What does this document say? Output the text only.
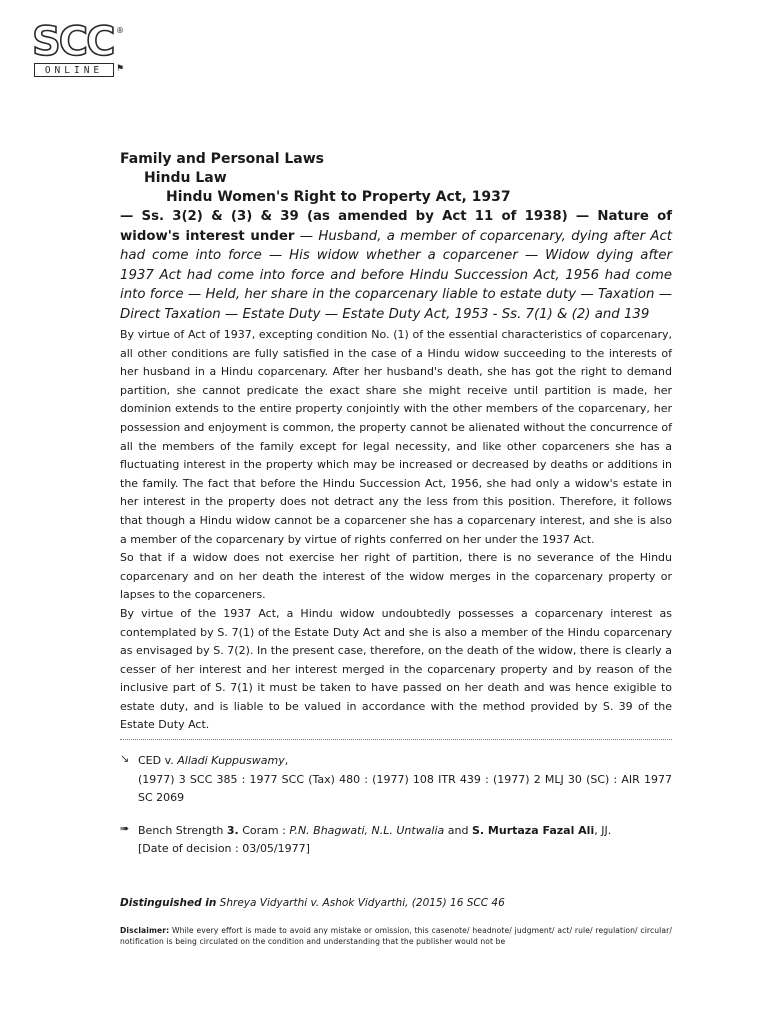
SCC ®
ONLINE	⚑

Family and Personal Laws

Hindu Law

Hindu Women's Right to Property Act, 1937

— Ss. 3(2) & (3) & 39 (as amended by Act 11 of 1938) — Nature of widow's interest under — Husband, a member of coparcenary, dying after Act had come into force — His widow whether a coparcener — Widow dying after 1937 Act had come into force and before Hindu Succession Act, 1956 had come into force — Held, her share in the coparcenary liable to estate duty — Taxation — Direct Taxation — Estate Duty — Estate Duty Act, 1953 - Ss. 7(1) & (2) and 139

By virtue of Act of 1937, excepting condition No. (1) of the essential characteristics of coparcenary, all other conditions are fully satisfied in the case of a Hindu widow succeeding to the interests of her husband in a Hindu coparcenary. After her husband's death, she has got the right to demand partition, she cannot predicate the exact share she might receive until partition is made, her dominion extends to the entire property conjointly with the other members of the coparcenary, her possession and enjoyment is common, the property cannot be alienated without the concurrence of all the members of the family except for legal necessity, and like other coparceners she has a fluctuating interest in the property which may be increased or decreased by deaths or additions in the family. The fact that before the Hindu Succession Act, 1956, she had only a widow's estate in her interest in the property does not detract any the less from this position. Therefore, it follows that though a Hindu widow cannot be a coparcener she has a coparcenary interest, and she is also a member of the coparcenary by virtue of rights conferred on her under the 1937 Act.

So that if a widow does not exercise her right of partition, there is no severance of the Hindu coparcenary and on her death the interest of the widow merges in the coparcenary property or lapses to the coparceners.

By virtue of the 1937 Act, a Hindu widow undoubtedly possesses a coparcenary interest as contemplated by S. 7(1) of the Estate Duty Act and she is also a member of the Hindu coparcenary as envisaged by S. 7(2). In the present case, therefore, on the death of the widow, there is clearly a cesser of her interest and her interest merged in the coparcenary property and by reason of the inclusive part of S. 7(1) it must be taken to have passed on her death and was hence exigible to estate duty, and is liable to be valued in accordance with the method provided by S. 39 of the Estate Duty Act.

↘ CED v. Alladi Kuppuswamy,

(1977) 3 SCC 385 : 1977 SCC (Tax) 480 : (1977) 108 ITR 439 : (1977) 2 MLJ 30 (SC) : AIR 1977 SC 2069

➠ Bench Strength 3. Coram : P.N. Bhagwati, N.L. Untwalia and S. Murtaza Fazal Ali, JJ.

[Date of decision : 03/05/1977]

Distinguished in Shreya Vidyarthi v. Ashok Vidyarthi, (2015) 16 SCC 46
Disclaimer: While every effort is made to avoid any mistake or omission, this casenote/ headnote/ judgment/ act/ rule/ regulation/ circular/ notification is being circulated on the condition and understanding that the publisher would not be
